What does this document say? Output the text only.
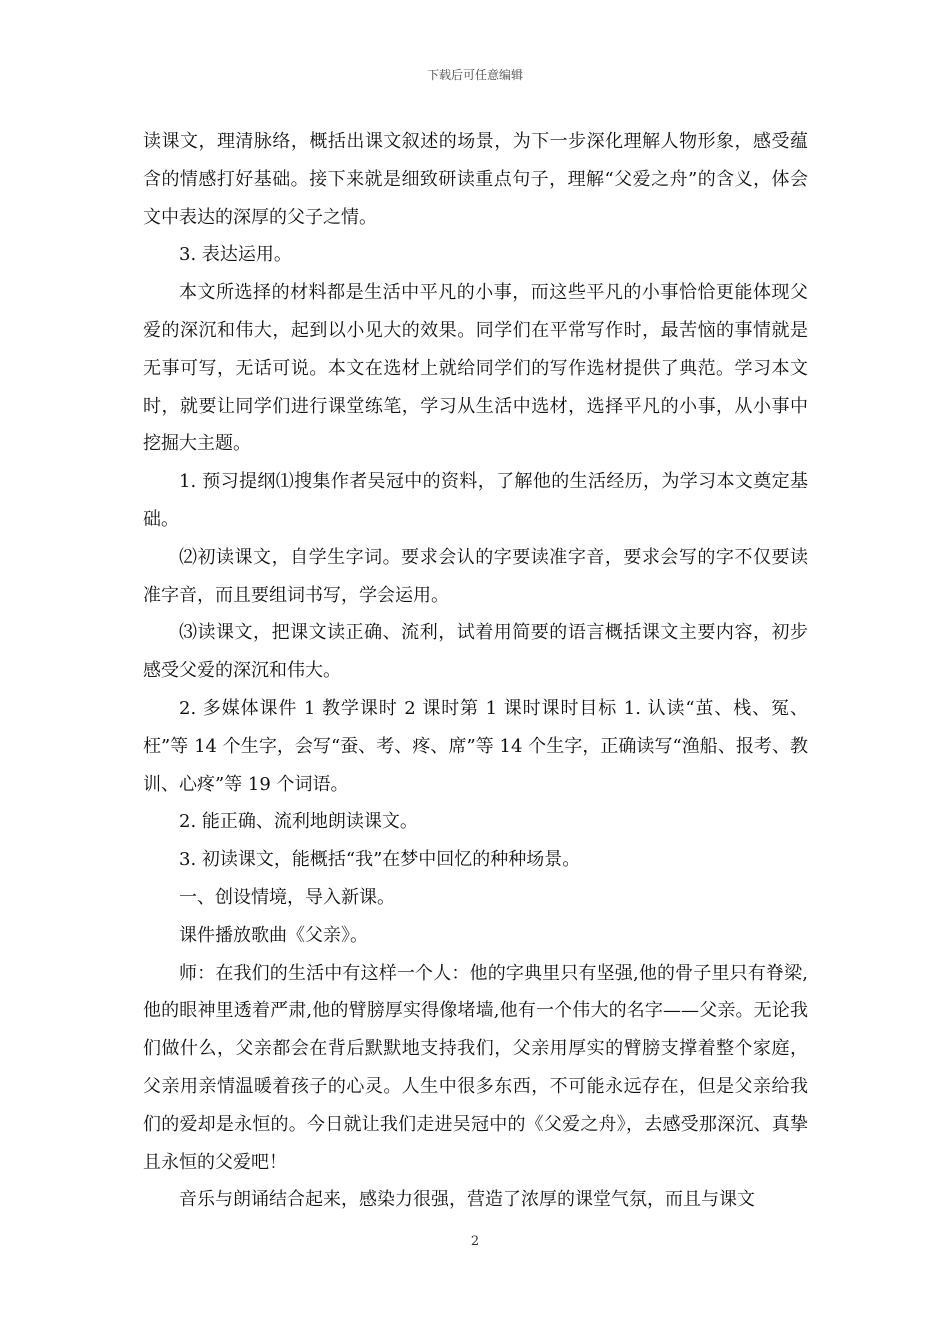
下载后可任意编辑

读课文，理清脉络，概括出课文叙述的场景，为下一步深化理解人物形象，感受蕴含的情感打好基础。接下来就是细致研读重点句子，理解“父爱之舟”的含义，体会文中表达的深厚的父子之情。

3. 表达运用。

本文所选择的材料都是生活中平凡的小事，而这些平凡的小事恰恰更能体现父爱的深沉和伟大，起到以小见大的效果。同学们在平常写作时，最苦恼的事情就是无事可写，无话可说。本文在选材上就给同学们的写作选材提供了典范。学习本文时，就要让同学们进行课堂练笔，学习从生活中选材，选择平凡的小事，从小事中挖掘大主题。

1. 预习提纲⑴搜集作者吴冠中的资料，了解他的生活经历，为学习本文奠定基础。

⑵初读课文，自学生字词。要求会认的字要读准字音，要求会写的字不仅要读准字音，而且要组词书写，学会运用。

⑶读课文，把课文读正确、流利，试着用简要的语言概括课文主要内容，初步感受父爱的深沉和伟大。

2. 多媒体课件 1 教学课时 2 课时第 1 课时课时目标 1. 认读“茧、栈、冤、枉”等 14 个生字，会写“蚕、考、疼、席”等 14 个生字，正确读写“渔船、报考、教训、心疼”等 19 个词语。

2. 能正确、流利地朗读课文。

3. 初读课文，能概括“我”在梦中回忆的种种场景。

一、创设情境，导入新课。

课件播放歌曲《父亲》。

师：在我们的生活中有这样一个人：他的字典里只有坚强,他的骨子里只有脊梁,他的眼神里透着严肃,他的臂膀厚实得像堵墙,他有一个伟大的名字——父亲。无论我们做什么，父亲都会在背后默默地支持我们，父亲用厚实的臂膀支撑着整个家庭，父亲用亲情温暖着孩子的心灵。人生中很多东西，不可能永远存在，但是父亲给我们的爱却是永恒的。今日就让我们走进吴冠中的《父爱之舟》，去感受那深沉、真挚且永恒的父爱吧！

音乐与朗诵结合起来，感染力很强，营造了浓厚的课堂气氛，而且与课文

2
